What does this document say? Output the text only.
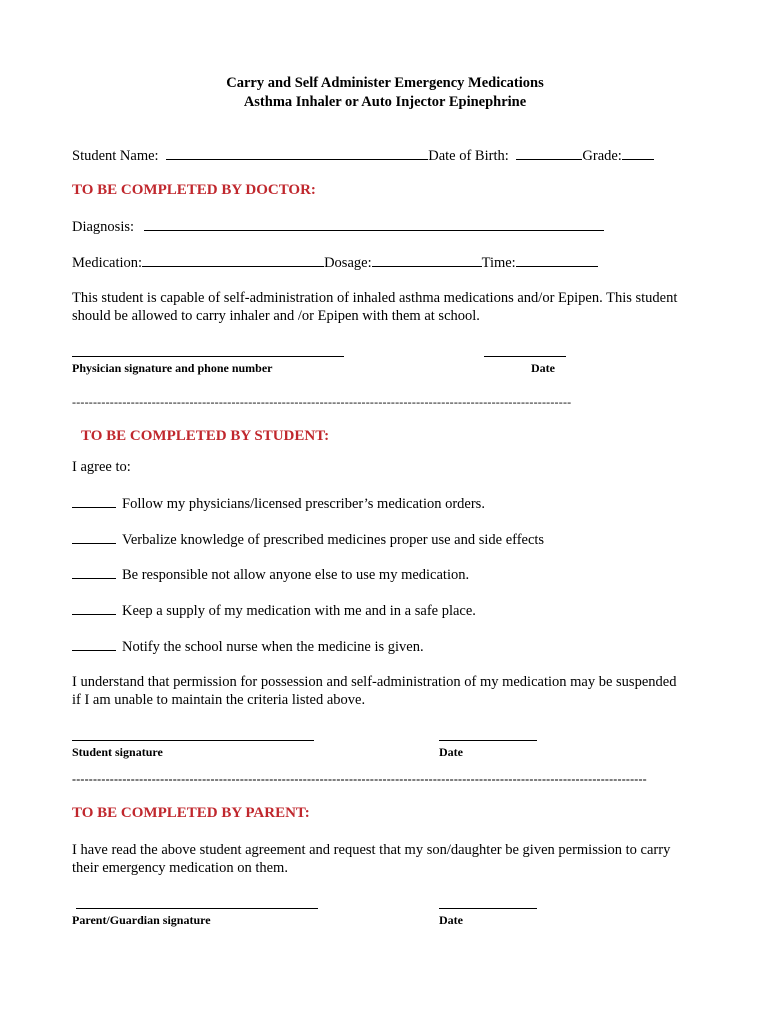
Carry and Self Administer Emergency Medications
Asthma Inhaler or Auto Injector Epinephrine
Student Name:	Date of Birth:	Grade:
TO BE COMPLETED BY DOCTOR:
Diagnosis:
Medication:	Dosage:	Time:
This student is capable of self-administration of inhaled asthma medications and/or Epipen. This student should be allowed to carry inhaler and /or Epipen with them at school.
Physician signature and phone number	Date
-----------------------------------------------------------------------------------------------------------------------
TO BE COMPLETED BY STUDENT:
I agree to:
Follow my physicians/licensed prescriber’s medication orders.
Verbalize knowledge of prescribed medicines proper use and side effects
Be responsible not allow anyone else to use my medication.
Keep a supply of my medication with me and in a safe place.
Notify the school nurse when the medicine is given.
I understand that permission for possession and self-administration of my medication may be suspended if I am unable to maintain the criteria listed above.
Student signature	Date
-----------------------------------------------------------------------------------------------------------------------------------------
TO BE COMPLETED BY PARENT:
I have read the above student agreement and request that my son/daughter be given permission to carry their emergency medication on them.
Parent/Guardian signature	Date
